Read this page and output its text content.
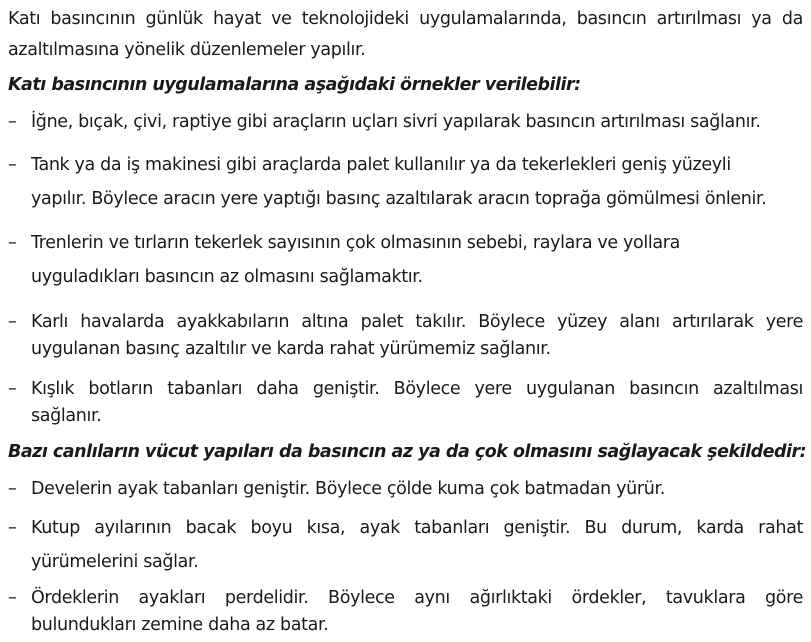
Katı basıncının günlük hayat ve teknolojideki uygulamalarında, basıncın artırılması ya da
azaltılmasına yönelik düzenlemeler yapılır.
Katı basıncının uygulamalarına aşağıdaki örnekler verilebilir:
– İğne, bıçak, çivi, raptiye gibi araçların uçları sivri yapılarak basıncın artırılması sağlanır.
– Tank ya da iş makinesi gibi araçlarda palet kullanılır ya da tekerlekleri geniş yüzeyli
yapılır. Böylece aracın yere yaptığı basınç azaltılarak aracın toprağa gömülmesi önlenir.
– Trenlerin ve tırların tekerlek sayısının çok olmasının sebebi, raylara ve yollara
uyguladıkları basıncın az olmasını sağlamaktır.
– Karlı havalarda ayakkabıların altına palet takılır. Böylece yüzey alanı artırılarak yere
uygulanan basınç azaltılır ve karda rahat yürümemiz sağlanır.
– Kışlık botların tabanları daha geniştir. Böylece yere uygulanan basıncın azaltılması
sağlanır.
Bazı canlıların vücut yapıları da basıncın az ya da çok olmasını sağlayacak şekildedir:
– Develerin ayak tabanları geniştir. Böylece çölde kuma çok batmadan yürür.
– Kutup ayılarının bacak boyu kısa, ayak tabanları geniştir. Bu durum, karda rahat
yürümelerini sağlar.
– Ördeklerin ayakları perdelidir. Böylece aynı ağırlıktaki ördekler, tavuklara göre
bulundukları zemine daha az batar.
